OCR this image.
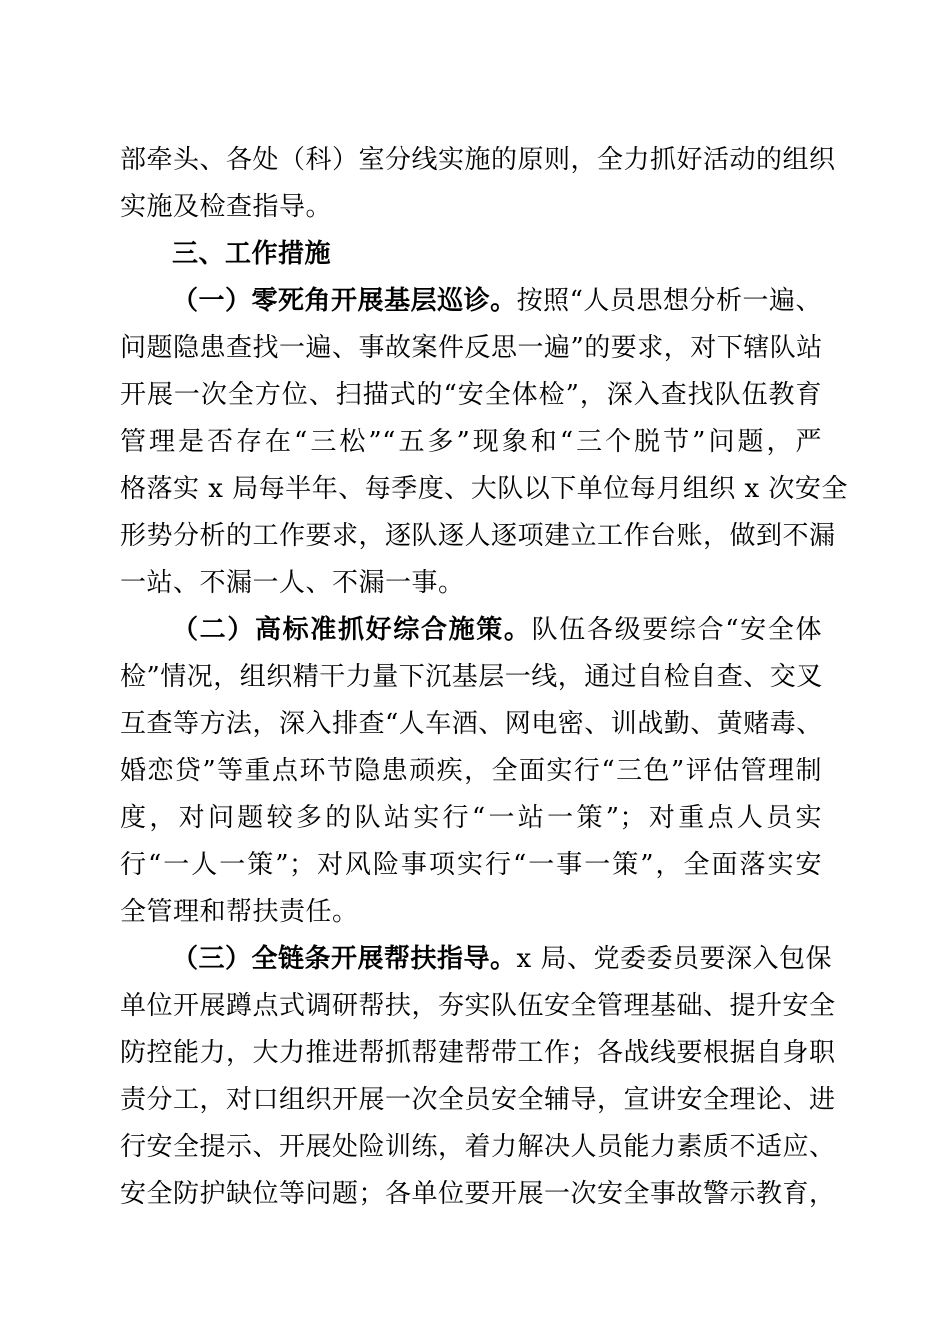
部牵头、各处（科）室分线实施的原则，全力抓好活动的组织
实施及检查指导。
三、工作措施
（一）零死角开展基层巡诊。按照“人员思想分析一遍、
问题隐患查找一遍、事故案件反思一遍”的要求，对下辖队站
开展一次全方位、扫描式的“安全体检”，深入查找队伍教育
管理是否存在“三松”“五多”现象和“三个脱节”问题，严
格落实 x 局每半年、每季度、大队以下单位每月组织 x 次安全
形势分析的工作要求，逐队逐人逐项建立工作台账，做到不漏
一站、不漏一人、不漏一事。
（二）高标准抓好综合施策。队伍各级要综合“安全体
检”情况，组织精干力量下沉基层一线，通过自检自查、交叉
互查等方法，深入排查“人车酒、网电密、训战勤、黄赌毒、
婚恋贷”等重点环节隐患顽疾，全面实行“三色”评估管理制
度，对问题较多的队站实行“一站一策”；对重点人员实
行“一人一策”；对风险事项实行“一事一策”，全面落实安
全管理和帮扶责任。
（三）全链条开展帮扶指导。x 局、党委委员要深入包保
单位开展蹲点式调研帮扶，夯实队伍安全管理基础、提升安全
防控能力，大力推进帮抓帮建帮带工作；各战线要根据自身职
责分工，对口组织开展一次全员安全辅导，宣讲安全理论、进
行安全提示、开展处险训练，着力解决人员能力素质不适应、
安全防护缺位等问题；各单位要开展一次安全事故警示教育，
